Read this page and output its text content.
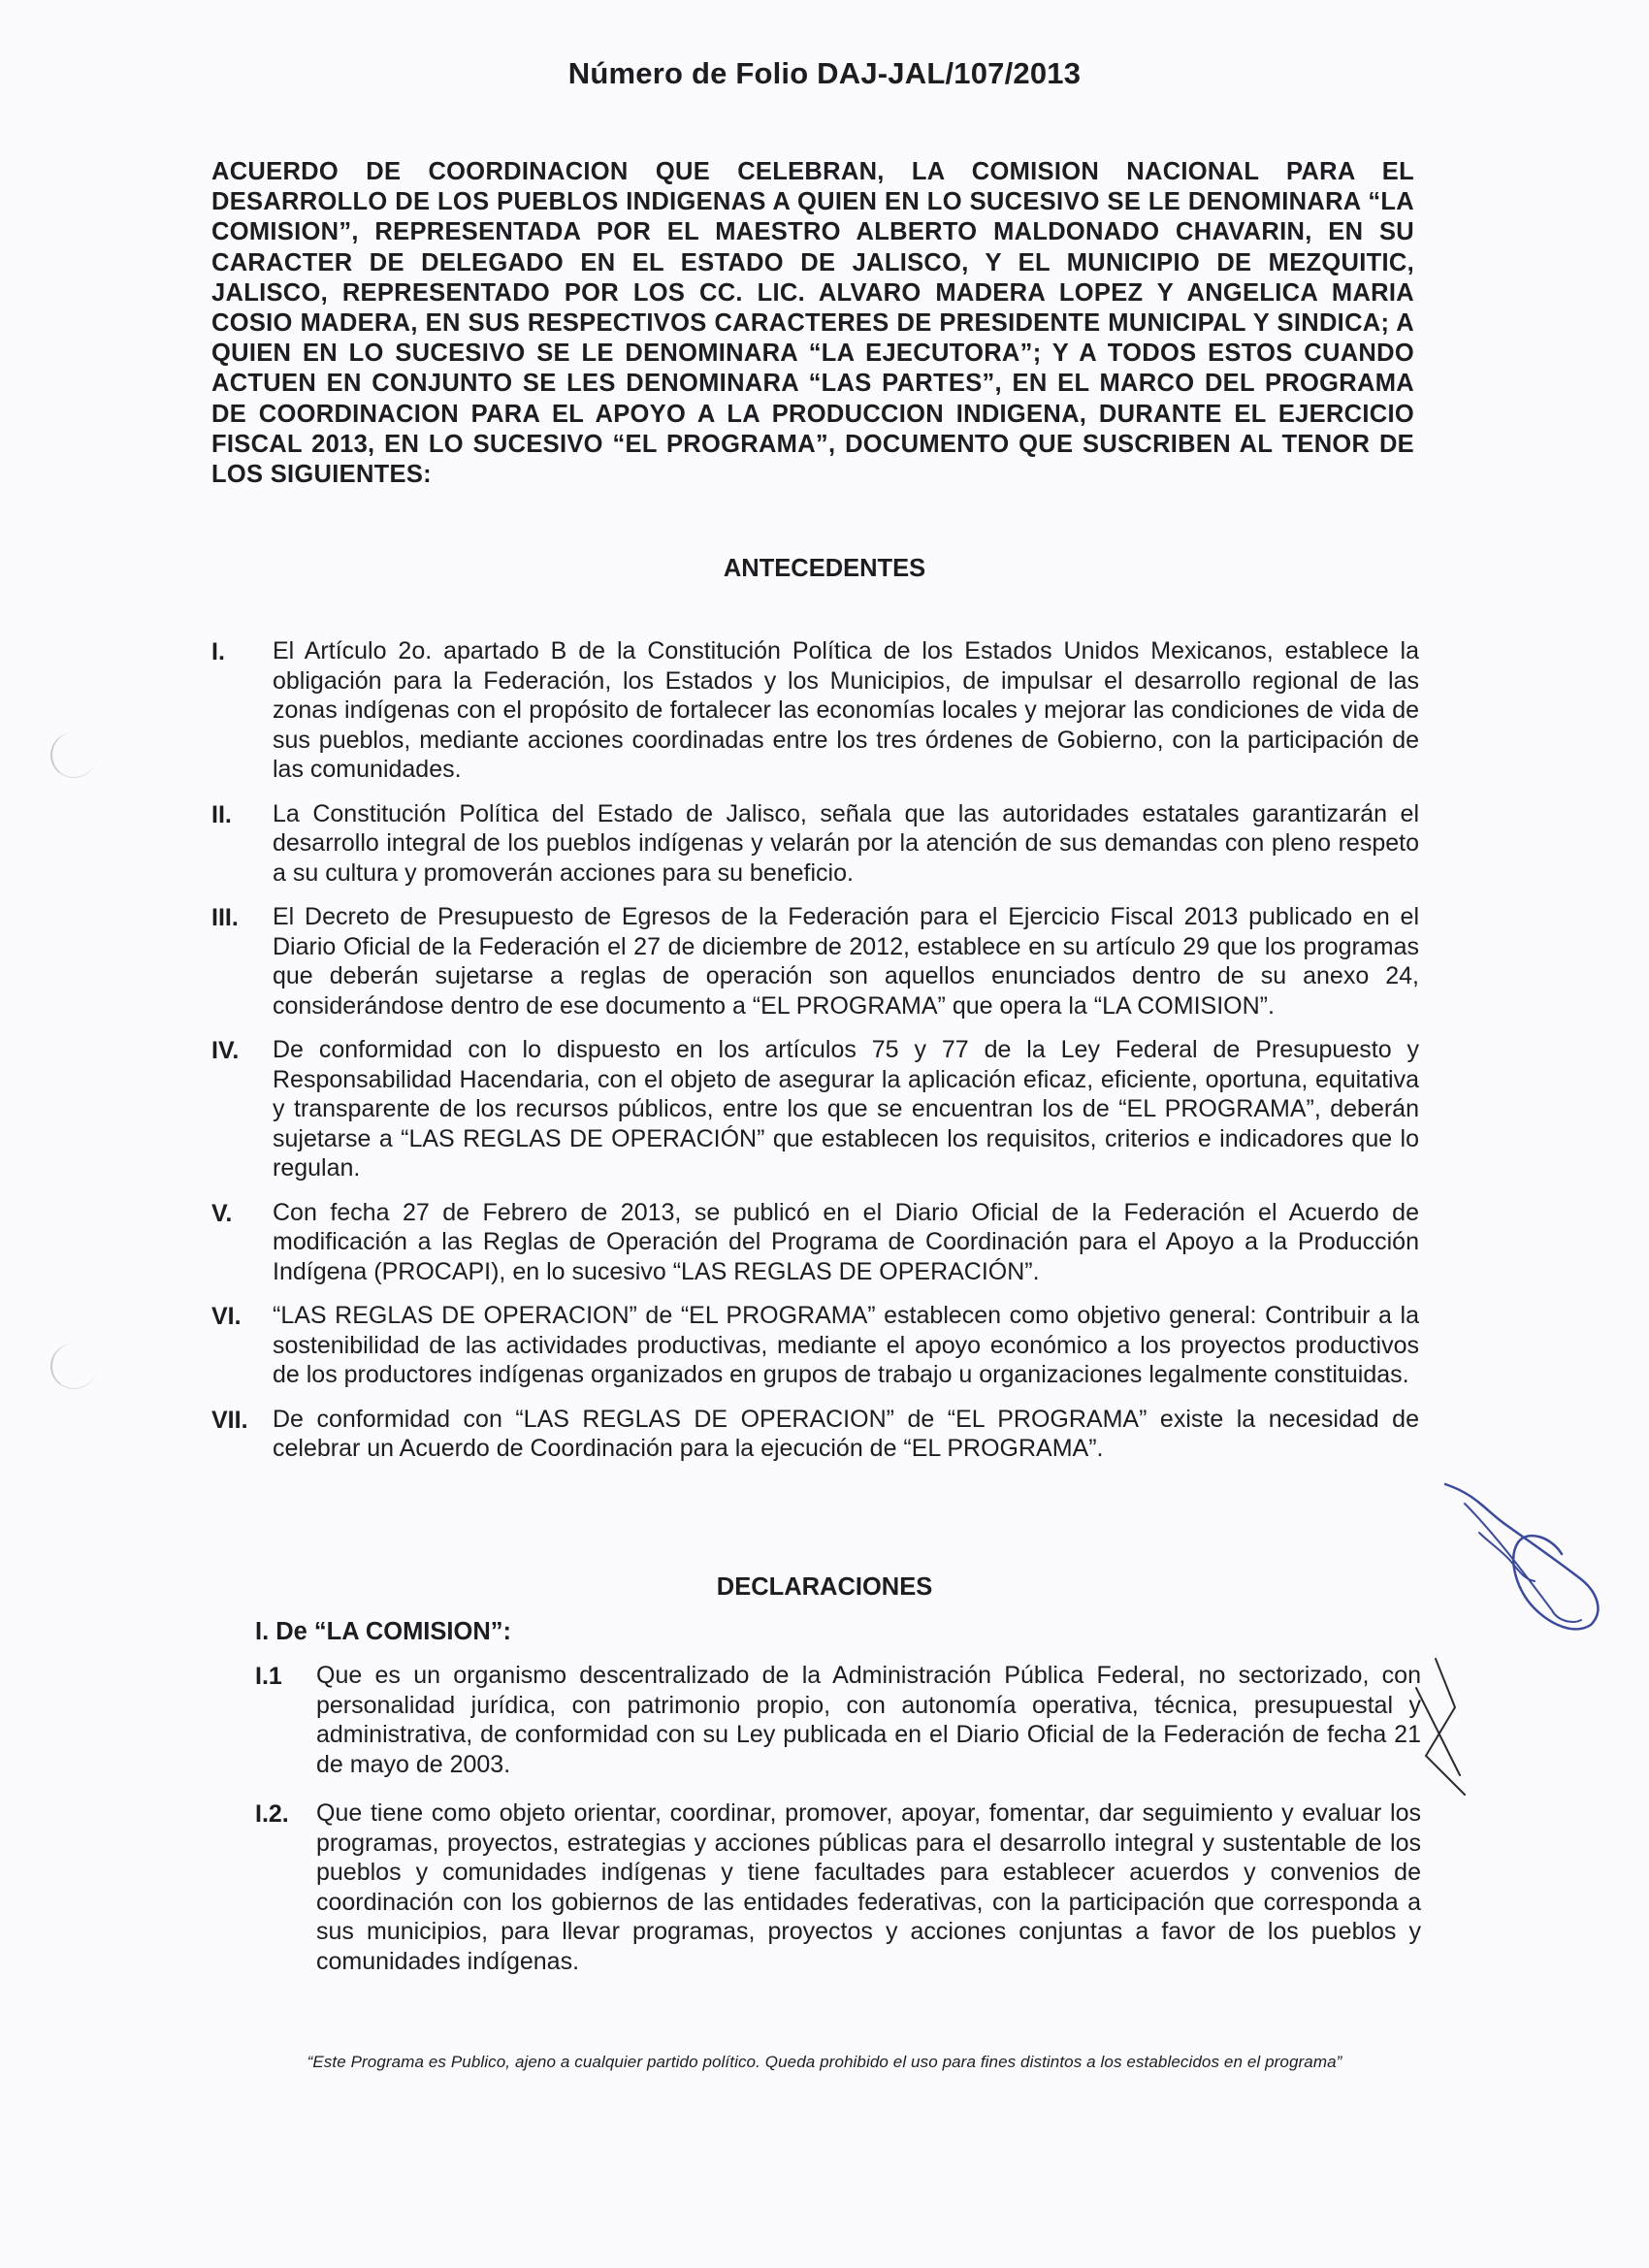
Número de Folio DAJ-JAL/107/2013
ACUERDO DE COORDINACION QUE CELEBRAN, LA COMISION NACIONAL PARA EL DESARROLLO DE LOS PUEBLOS INDIGENAS A QUIEN EN LO SUCESIVO SE LE DENOMINARA “LA COMISION”, REPRESENTADA POR EL MAESTRO ALBERTO MALDONADO CHAVARIN, EN SU CARACTER DE DELEGADO EN EL ESTADO DE JALISCO, Y EL MUNICIPIO DE MEZQUITIC, JALISCO, REPRESENTADO POR LOS CC. LIC. ALVARO MADERA LOPEZ Y ANGELICA MARIA COSIO MADERA, EN SUS RESPECTIVOS CARACTERES DE PRESIDENTE MUNICIPAL Y SINDICA; A QUIEN EN LO SUCESIVO SE LE DENOMINARA “LA EJECUTORA”; Y A TODOS ESTOS CUANDO ACTUEN EN CONJUNTO SE LES DENOMINARA “LAS PARTES”, EN EL MARCO DEL PROGRAMA DE COORDINACION PARA EL APOYO A LA PRODUCCION INDIGENA, DURANTE EL EJERCICIO FISCAL 2013, EN LO SUCESIVO “EL PROGRAMA”, DOCUMENTO QUE SUSCRIBEN AL TENOR DE LOS SIGUIENTES:
ANTECEDENTES
I. El Artículo 2o. apartado B de la Constitución Política de los Estados Unidos Mexicanos, establece la obligación para la Federación, los Estados y los Municipios, de impulsar el desarrollo regional de las zonas indígenas con el propósito de fortalecer las economías locales y mejorar las condiciones de vida de sus pueblos, mediante acciones coordinadas entre los tres órdenes de Gobierno, con la participación de las comunidades.
II. La Constitución Política del Estado de Jalisco, señala que las autoridades estatales garantizarán el desarrollo integral de los pueblos indígenas y velarán por la atención de sus demandas con pleno respeto a su cultura y promoverán acciones para su beneficio.
III. El Decreto de Presupuesto de Egresos de la Federación para el Ejercicio Fiscal 2013 publicado en el Diario Oficial de la Federación el 27 de diciembre de 2012, establece en su artículo 29 que los programas que deberán sujetarse a reglas de operación son aquellos enunciados dentro de su anexo 24, considerándose dentro de ese documento a “EL PROGRAMA” que opera la “LA COMISION”.
IV. De conformidad con lo dispuesto en los artículos 75 y 77 de la Ley Federal de Presupuesto y Responsabilidad Hacendaria, con el objeto de asegurar la aplicación eficaz, eficiente, oportuna, equitativa y transparente de los recursos públicos, entre los que se encuentran los de “EL PROGRAMA”, deberán sujetarse a “LAS REGLAS DE OPERACIÓN” que establecen los requisitos, criterios e indicadores que lo regulan.
V. Con fecha 27 de Febrero de 2013, se publicó en el Diario Oficial de la Federación el Acuerdo de modificación a las Reglas de Operación del Programa de Coordinación para el Apoyo a la Producción Indígena (PROCAPI), en lo sucesivo “LAS REGLAS DE OPERACIÓN”.
VI. “LAS REGLAS DE OPERACION” de “EL PROGRAMA” establecen como objetivo general: Contribuir a la sostenibilidad de las actividades productivas, mediante el apoyo económico a los proyectos productivos de los productores indígenas organizados en grupos de trabajo u organizaciones legalmente constituidas.
VII. De conformidad con “LAS REGLAS DE OPERACION” de “EL PROGRAMA” existe la necesidad de celebrar un Acuerdo de Coordinación para la ejecución de “EL PROGRAMA”.
DECLARACIONES
I. De “LA COMISION”:
I.1 Que es un organismo descentralizado de la Administración Pública Federal, no sectorizado, con personalidad jurídica, con patrimonio propio, con autonomía operativa, técnica, presupuestal y administrativa, de conformidad con su Ley publicada en el Diario Oficial de la Federación de fecha 21 de mayo de 2003.
I.2. Que tiene como objeto orientar, coordinar, promover, apoyar, fomentar, dar seguimiento y evaluar los programas, proyectos, estrategias y acciones públicas para el desarrollo integral y sustentable de los pueblos y comunidades indígenas y tiene facultades para establecer acuerdos y convenios de coordinación con los gobiernos de las entidades federativas, con la participación que corresponda a sus municipios, para llevar programas, proyectos y acciones conjuntas a favor de los pueblos y comunidades indígenas.
“Este Programa es Publico, ajeno a cualquier partido político. Queda prohibido el uso para fines distintos a los establecidos en el programa”
